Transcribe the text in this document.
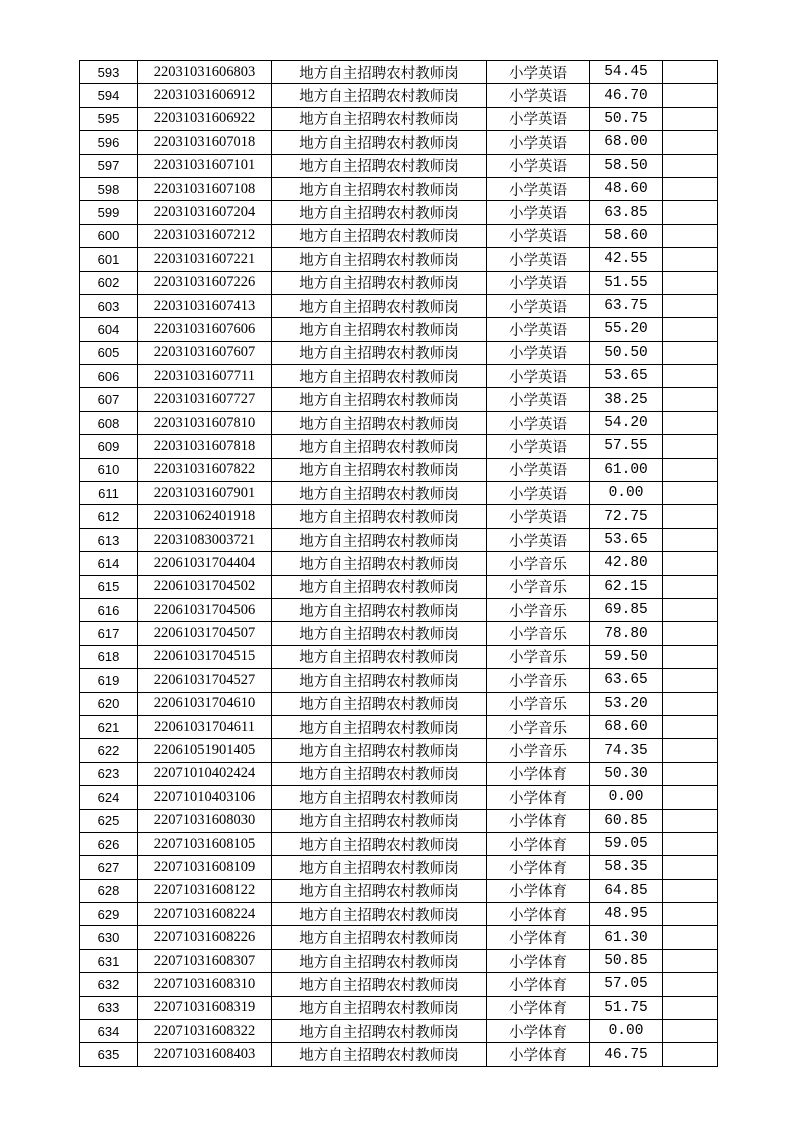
593	22031031606803	地方自主招聘农村教师岗	小学英语	54.45	
594	22031031606912	地方自主招聘农村教师岗	小学英语	46.70	
595	22031031606922	地方自主招聘农村教师岗	小学英语	50.75	
596	22031031607018	地方自主招聘农村教师岗	小学英语	68.00	
597	22031031607101	地方自主招聘农村教师岗	小学英语	58.50	
598	22031031607108	地方自主招聘农村教师岗	小学英语	48.60	
599	22031031607204	地方自主招聘农村教师岗	小学英语	63.85	
600	22031031607212	地方自主招聘农村教师岗	小学英语	58.60	
601	22031031607221	地方自主招聘农村教师岗	小学英语	42.55	
602	22031031607226	地方自主招聘农村教师岗	小学英语	51.55	
603	22031031607413	地方自主招聘农村教师岗	小学英语	63.75	
604	22031031607606	地方自主招聘农村教师岗	小学英语	55.20	
605	22031031607607	地方自主招聘农村教师岗	小学英语	50.50	
606	22031031607711	地方自主招聘农村教师岗	小学英语	53.65	
607	22031031607727	地方自主招聘农村教师岗	小学英语	38.25	
608	22031031607810	地方自主招聘农村教师岗	小学英语	54.20	
609	22031031607818	地方自主招聘农村教师岗	小学英语	57.55	
610	22031031607822	地方自主招聘农村教师岗	小学英语	61.00	
611	22031031607901	地方自主招聘农村教师岗	小学英语	0.00	
612	22031062401918	地方自主招聘农村教师岗	小学英语	72.75	
613	22031083003721	地方自主招聘农村教师岗	小学英语	53.65	
614	22061031704404	地方自主招聘农村教师岗	小学音乐	42.80	
615	22061031704502	地方自主招聘农村教师岗	小学音乐	62.15	
616	22061031704506	地方自主招聘农村教师岗	小学音乐	69.85	
617	22061031704507	地方自主招聘农村教师岗	小学音乐	78.80	
618	22061031704515	地方自主招聘农村教师岗	小学音乐	59.50	
619	22061031704527	地方自主招聘农村教师岗	小学音乐	63.65	
620	22061031704610	地方自主招聘农村教师岗	小学音乐	53.20	
621	22061031704611	地方自主招聘农村教师岗	小学音乐	68.60	
622	22061051901405	地方自主招聘农村教师岗	小学音乐	74.35	
623	22071010402424	地方自主招聘农村教师岗	小学体育	50.30	
624	22071010403106	地方自主招聘农村教师岗	小学体育	0.00	
625	22071031608030	地方自主招聘农村教师岗	小学体育	60.85	
626	22071031608105	地方自主招聘农村教师岗	小学体育	59.05	
627	22071031608109	地方自主招聘农村教师岗	小学体育	58.35	
628	22071031608122	地方自主招聘农村教师岗	小学体育	64.85	
629	22071031608224	地方自主招聘农村教师岗	小学体育	48.95	
630	22071031608226	地方自主招聘农村教师岗	小学体育	61.30	
631	22071031608307	地方自主招聘农村教师岗	小学体育	50.85	
632	22071031608310	地方自主招聘农村教师岗	小学体育	57.05	
633	22071031608319	地方自主招聘农村教师岗	小学体育	51.75	
634	22071031608322	地方自主招聘农村教师岗	小学体育	0.00	
635	22071031608403	地方自主招聘农村教师岗	小学体育	46.75	
